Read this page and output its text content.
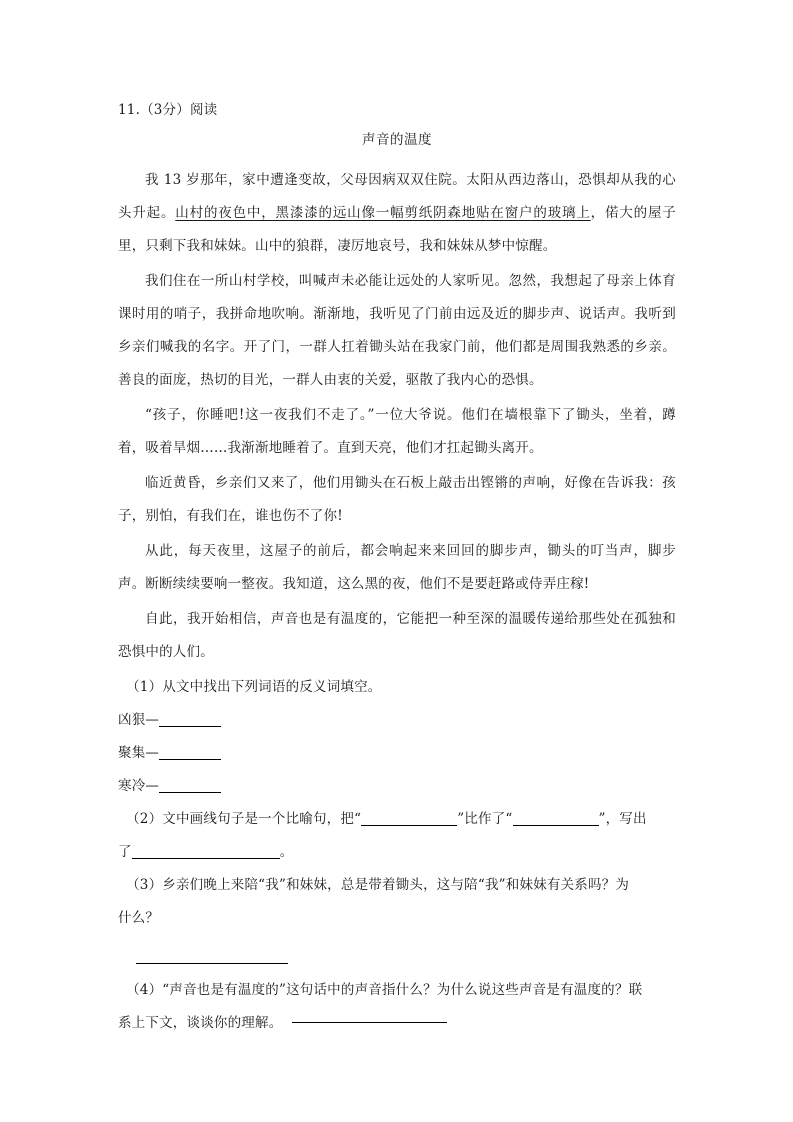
11.（3分）阅读

声音的温度

我 13 岁那年，家中遭逢变故，父母因病双双住院。太阳从西边落山，恐惧却从我的心头升起。山村的夜色中，黑漆漆的远山像一幅剪纸阴森地贴在窗户的玻璃上，偌大的屋子里，只剩下我和妹妹。山中的狼群，凄厉地哀号，我和妹妹从梦中惊醒。

我们住在一所山村学校，叫喊声未必能让远处的人家听见。忽然，我想起了母亲上体育课时用的哨子，我拼命地吹响。渐渐地，我听见了门前由远及近的脚步声、说话声。我听到乡亲们喊我的名字。开了门，一群人扛着锄头站在我家门前，他们都是周围我熟悉的乡亲。善良的面庞，热切的目光，一群人由衷的关爱，驱散了我内心的恐惧。

“孩子，你睡吧!这一夜我们不走了。”一位大爷说。他们在墙根靠下了锄头，坐着，蹲着，吸着旱烟……我渐渐地睡着了。直到天亮，他们才扛起锄头离开。

临近黄昏，乡亲们又来了，他们用锄头在石板上敲击出铿锵的声响，好像在告诉我：孩子，别怕，有我们在，谁也伤不了你!

从此，每天夜里，这屋子的前后，都会响起来来回回的脚步声，锄头的叮当声，脚步声。断断续续要响一整夜。我知道，这么黑的夜，他们不是要赶路或侍弄庄稼!

自此，我开始相信，声音也是有温度的，它能把一种至深的温暖传递给那些处在孤独和恐惧中的人们。

（1）从文中找出下列词语的反义词填空。

凶狠—
聚集—
寒冷—

（2）文中画线句子是一个比喻句，把“	”比作了“	”，写出

了	。

（3）乡亲们晚上来陪“我”和妹妹，总是带着锄头，这与陪“我”和妹妹有关系吗？为

什么？

（4）“声音也是有温度的”这句话中的声音指什么？为什么说这些声音是有温度的？联

系上下文，谈谈你的理解。
